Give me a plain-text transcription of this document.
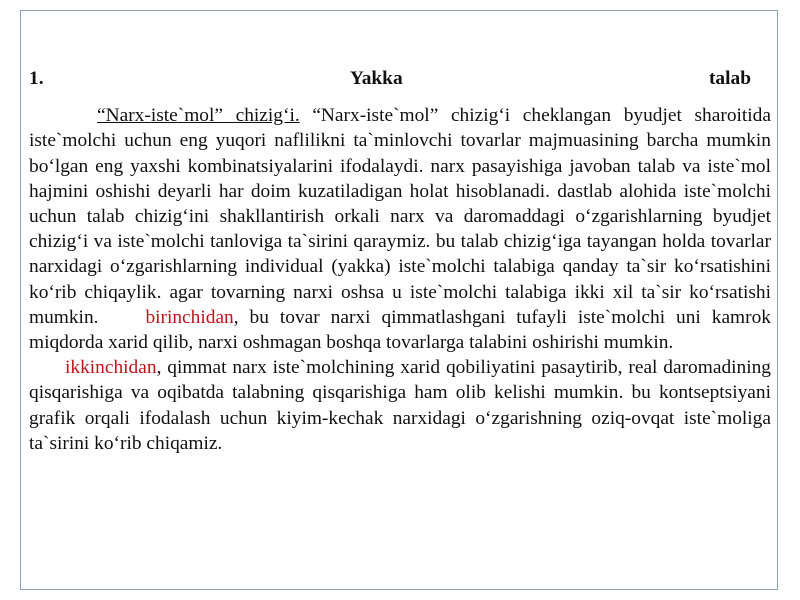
1.	Yakka	talab

“Narx-iste`mol” chizig‘i. “Narx-iste`mol” chizig‘i cheklangan byudjet sharoitida iste`molchi uchun eng yuqori naflilikni ta`minlovchi tovarlar majmuasining barcha mumkin bo‘lgan eng yaxshi kombinatsiyalarini ifodalaydi. narx pasayishiga javoban talab va iste`mol hajmini oshishi deyarli har doim kuzatiladigan holat hisoblanadi. dastlab alohida iste`molchi uchun talab chizig‘ini shakllantirish orkali narx va daromaddagi o‘zgarishlarning byudjet chizig‘i va iste`molchi tanloviga ta`sirini qaraymiz. bu talab chizig‘iga tayangan holda tovarlar narxidagi o‘zgarishlarning individual (yakka) iste`molchi talabiga qanday ta`sir ko‘rsatishini ko‘rib chiqaylik. agar tovarning narxi oshsa u iste`molchi talabiga ikki xil ta`sir ko‘rsatishi mumkin. birinchidan, bu tovar narxi qimmatlashgani tufayli iste`molchi uni kamrok miqdorda xarid qilib, narxi oshmagan boshqa tovarlarga talabini oshirishi mumkin.

ikkinchidan, qimmat narx iste`molchining xarid qobiliyatini pasaytirib, real daromadining qisqarishiga va oqibatda talabning qisqarishiga ham olib kelishi mumkin. bu kontseptsiyani grafik orqali ifodalash uchun kiyim-kechak narxidagi o‘zgarishning oziq-ovqat iste`moliga ta`sirini ko‘rib chiqamiz.
